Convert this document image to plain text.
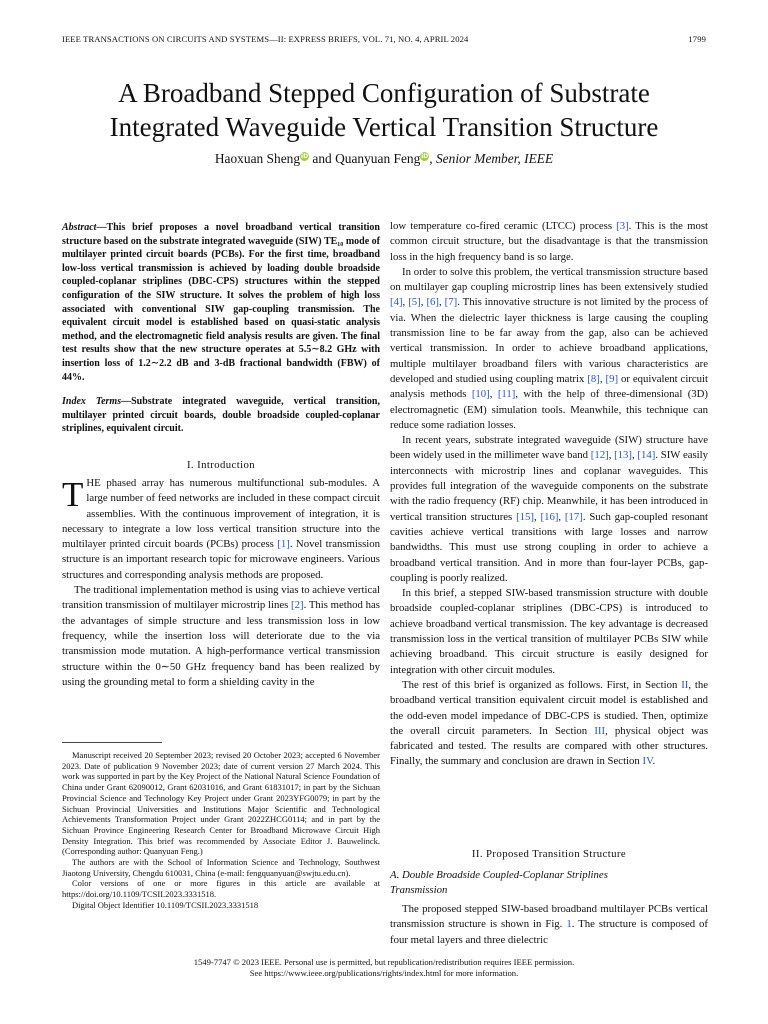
IEEE TRANSACTIONS ON CIRCUITS AND SYSTEMS—II: EXPRESS BRIEFS, VOL. 71, NO. 4, APRIL 2024	1799
A Broadband Stepped Configuration of Substrate
Integrated Waveguide Vertical Transition Structure
Haoxuan ShengiD and Quanyuan FengiD, Senior Member, IEEE
Abstract—This brief proposes a novel broadband vertical transition structure based on the substrate integrated waveguide (SIW) TE₁₀ mode of multilayer printed circuit boards (PCBs). For the first time, broadband low-loss vertical transmission is achieved by loading double broadside coupled-coplanar striplines (DBC-CPS) structures within the stepped configuration of the SIW structure. It solves the problem of high loss associated with conventional SIW gap-coupling transmission. The equivalent circuit model is established based on quasi-static analysis method, and the electromagnetic field analysis results are given. The final test results show that the new structure operates at 5.5∼8.2 GHz with insertion loss of 1.2∼2.2 dB and 3-dB fractional bandwidth (FBW) of 44%.
Index Terms—Substrate integrated waveguide, vertical transition, multilayer printed circuit boards, double broadside coupled-coplanar striplines, equivalent circuit.
I. Introduction

THE phased array has numerous multifunctional sub-modules. A large number of feed networks are included in these compact circuit assemblies. With the continuous improvement of integration, it is necessary to integrate a low loss vertical transition structure into the multilayer printed circuit boards (PCBs) process [1]. Novel transmission structure is an important research topic for microwave engineers. Various structures and corresponding analysis methods are proposed.

The traditional implementation method is using vias to achieve vertical transition transmission of multilayer microstrip lines [2]. This method has the advantages of simple structure and less transmission loss in low frequency, while the insertion loss will deteriorate due to the via transmission mode mutation. A high-performance vertical transmission structure within the 0∼50 GHz frequency band has been realized by using the grounding metal to form a shielding cavity in the

Manuscript received 20 September 2023; revised 20 October 2023; accepted 6 November 2023. Date of publication 9 November 2023; date of current version 27 March 2024. This work was supported in part by the Key Project of the National Natural Science Foundation of China under Grant 62090012, Grant 62031016, and Grant 61831017; in part by the Sichuan Provincial Science and Technology Key Project under Grant 2023YFG0079; in part by the Sichuan Provincial Universities and Institutions Major Scientific and Technological Achievements Transformation Project under Grant 2022ZHCG0114; and in part by the Sichuan Province Engineering Research Center for Broadband Microwave Circuit High Density Integration. This brief was recommended by Associate Editor J. Bauwelinck. (Corresponding author: Quanyuan Feng.)

The authors are with the School of Information Science and Technology, Southwest Jiaotong University, Chengdu 610031, China (e-mail: fengquanyuan@swjtu.edu.cn).

Color versions of one or more figures in this article are available at https://doi.org/10.1109/TCSII.2023.3331518.

Digital Object Identifier 10.1109/TCSII.2023.3331518

low temperature co-fired ceramic (LTCC) process [3]. This is the most common circuit structure, but the disadvantage is that the transmission loss in the high frequency band is so large.

In order to solve this problem, the vertical transmission structure based on multilayer gap coupling microstrip lines has been extensively studied [4], [5], [6], [7]. This innovative structure is not limited by the process of via. When the dielectric layer thickness is large causing the coupling transmission line to be far away from the gap, also can be achieved vertical transmission. In order to achieve broadband applications, multiple multilayer broadband filers with various characteristics are developed and studied using coupling matrix [8], [9] or equivalent circuit analysis methods [10], [11], with the help of three-dimensional (3D) electromagnetic (EM) simulation tools. Meanwhile, this technique can reduce some radiation losses.

In recent years, substrate integrated waveguide (SIW) structure have been widely used in the millimeter wave band [12], [13], [14]. SIW easily interconnects with microstrip lines and coplanar waveguides. This provides full integration of the waveguide components on the substrate with the radio frequency (RF) chip. Meanwhile, it has been introduced in vertical transition structures [15], [16], [17]. Such gap-coupled resonant cavities achieve vertical transitions with large losses and narrow bandwidths. This must use strong coupling in order to achieve a broadband vertical transition. And in more than four-layer PCBs, gap-coupling is poorly realized.

In this brief, a stepped SIW-based transmission structure with double broadside coupled-coplanar striplines (DBC-CPS) is introduced to achieve broadband vertical transmission. The key advantage is decreased transmission loss in the vertical transition of multilayer PCBs SIW while achieving broadband. This circuit structure is easily designed for integration with other circuit modules.

The rest of this brief is organized as follows. First, in Section II, the broadband vertical transition equivalent circuit model is established and the odd-even model impedance of DBC-CPS is studied. Then, optimize the overall circuit parameters. In Section III, physical object was fabricated and tested. The results are compared with other structures. Finally, the summary and conclusion are drawn in Section IV.

II. Proposed Transition Structure
A. Double Broadside Coupled-Coplanar Striplines
Transmission

The proposed stepped SIW-based broadband multilayer PCBs vertical transmission structure is shown in Fig. 1. The structure is composed of four metal layers and three dielectric

1549-7747 © 2023 IEEE. Personal use is permitted, but republication/redistribution requires IEEE permission.
See https://www.ieee.org/publications/rights/index.html for more information.
